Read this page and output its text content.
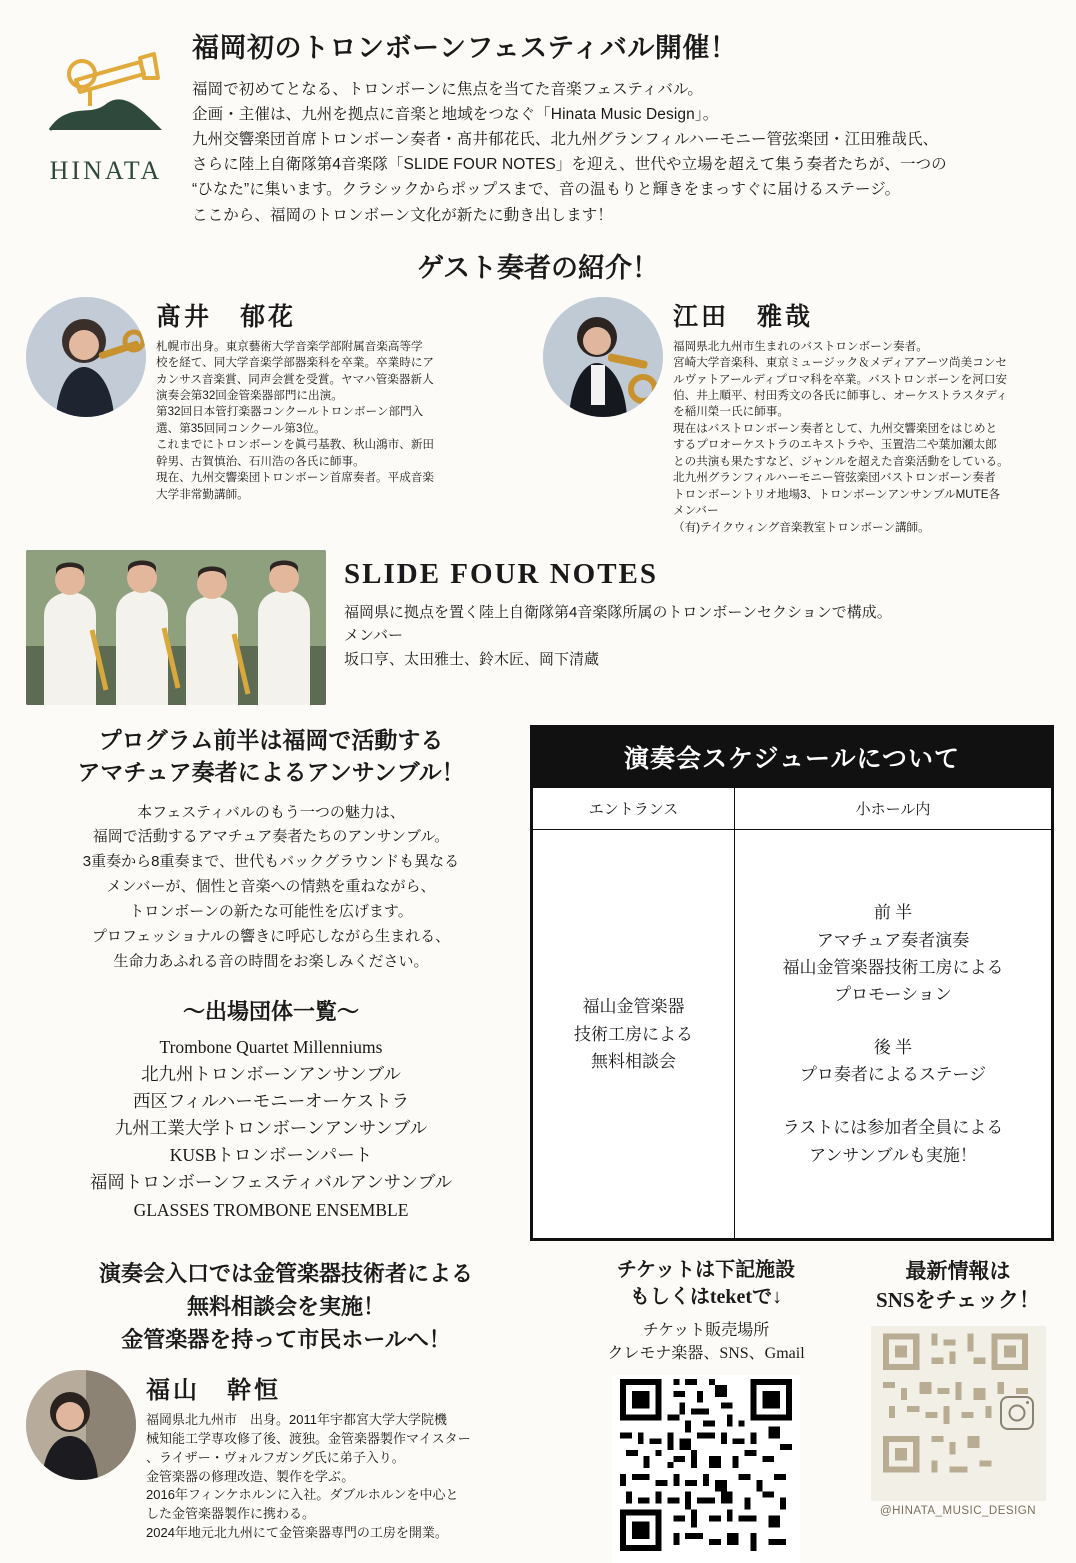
HINATA
福岡初のトロンボーンフェスティバル開催！

福岡で初めてとなる、トロンボーンに焦点を当てた音楽フェスティバル。

企画・主催は、九州を拠点に音楽と地域をつなぐ「Hinata Music Design」。

九州交響楽団首席トロンボーン奏者・髙井郁花氏、北九州グランフィルハーモニー管弦楽団・江田雅哉氏、

さらに陸上自衛隊第4音楽隊「SLIDE FOUR NOTES」を迎え、世代や立場を超えて集う奏者たちが、一つの

“ひなた”に集います。クラシックからポップスまで、音の温もりと輝きをまっすぐに届けるステージ。

ここから、福岡のトロンボーン文化が新たに動き出します！

ゲスト奏者の紹介！

髙井　郁花

札幌市出身。東京藝術大学音楽学部附属音楽高等学

校を経て、同大学音楽学部器楽科を卒業。卒業時にア

カンサス音楽賞、同声会賞を受賞。ヤマハ管楽器新人

演奏会第32回金管楽器部門に出演。

第32回日本管打楽器コンクールトロンボーン部門入

選、第35回同コンクール第3位。

これまでにトロンボーンを眞弓基教、秋山鴻市、新田

幹男、古賀慎治、石川浩の各氏に師事。

現在、九州交響楽団トロンボーン首席奏者。平成音楽

大学非常勤講師。

江田　雅哉

福岡県北九州市生まれのバストロンボーン奏者。

宮崎大学音楽科、東京ミュージック＆メディアアーツ尚美コンセ

ルヴァトアールディプロマ科を卒業。バストロンボーンを河口安

伯、井上順平、村田秀文の各氏に師事し、オーケストラスタディ

を稲川榮一氏に師事。

現在はバストロンボーン奏者として、九州交響楽団をはじめと

するプロオーケストラのエキストラや、玉置浩二や葉加瀬太郎

との共演も果たすなど、ジャンルを超えた音楽活動をしている。

北九州グランフィルハーモニー管弦楽団バストロンボーン奏者

トロンボーントリオ地場3、トロンボーンアンサンブルMUTE各

メンバー

（有)テイクウィング音楽教室トロンボーン講師。

SLIDE FOUR NOTES

福岡県に拠点を置く陸上自衛隊第4音楽隊所属のトロンボーンセクションで構成。

メンバー

坂口亨、太田雅士、鈴木匠、岡下清蔵

プログラム前半は福岡で活動する
アマチュア奏者によるアンサンブル！

本フェスティバルのもう一つの魅力は、

福岡で活動するアマチュア奏者たちのアンサンブル。

3重奏から8重奏まで、世代もバックグラウンドも異なる

メンバーが、個性と音楽への情熱を重ねながら、

トロンボーンの新たな可能性を広げます。

プロフェッショナルの響きに呼応しながら生まれる、

生命力あふれる音の時間をお楽しみください。

〜出場団体一覧〜
Trombone Quartet Millenniums
北九州トロンボーンアンサンブル
西区フィルハーモニーオーケストラ
九州工業大学トロンボーンアンサンブル
KUSBトロンボーンパート
福岡トロンボーンフェスティバルアンサンブル
GLASSES TROMBONE ENSEMBLE
演奏会スケジュールについて
エントランス	小ホール内

福山金管楽器
技術工房による
無料相談会

前 半
アマチュア奏者演奏
福山金管楽器技術工房による
プロモーション
後 半
プロ奏者によるステージ
ラストには参加者全員による
アンサンブルも実施！

演奏会入口では金管楽器技術者による
無料相談会を実施！
金管楽器を持って市民ホールへ！

福山　幹恒

福岡県北九州市　出身。2011年宇都宮大学大学院機

械知能工学専攻修了後、渡独。金管楽器製作マイスター

、ライザー・ヴォルフガング氏に弟子入り。

金管楽器の修理改造、製作を学ぶ。

2016年フィンケホルンに入社。ダブルホルンを中心と

した金管楽器製作に携わる。

2024年地元北九州にて金管楽器専門の工房を開業。

チケットは下記施設
もしくはteketで↓

チケット販売場所
クレモナ楽器、SNS、Gmail

最新情報は
SNSをチェック！
@HINATA_MUSIC_DESIGN
